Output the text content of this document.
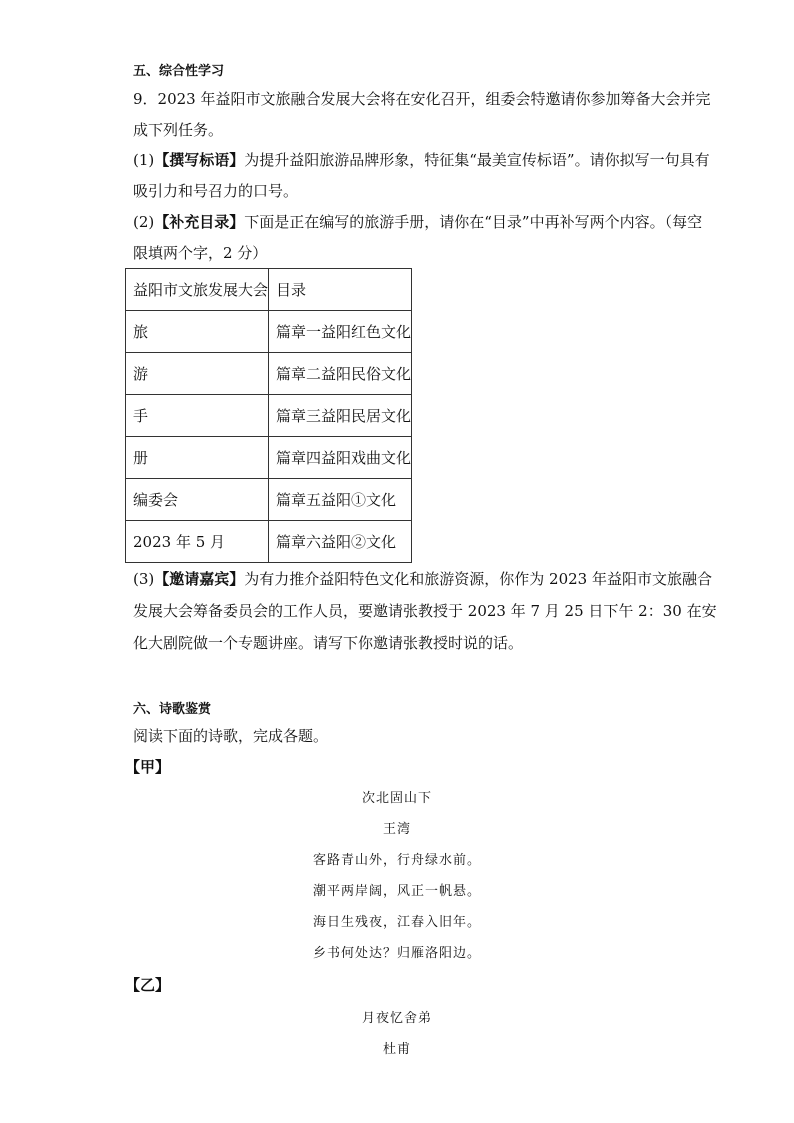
五、综合性学习
9．2023 年益阳市文旅融合发展大会将在安化召开，组委会特邀请你参加筹备大会并完
成下列任务。
(1)【撰写标语】为提升益阳旅游品牌形象，特征集“最美宣传标语”。请你拟写一句具有
吸引力和号召力的口号。
(2)【补充目录】下面是正在编写的旅游手册，请你在“目录”中再补写两个内容。（每空
限填两个字，2 分）
益阳市文旅发展大会	目录
旅	篇章一益阳红色文化
游	篇章二益阳民俗文化
手	篇章三益阳民居文化
册	篇章四益阳戏曲文化
编委会	篇章五益阳①文化
2023 年 5 月	篇章六益阳②文化
(3)【邀请嘉宾】为有力推介益阳特色文化和旅游资源，你作为 2023 年益阳市文旅融合
发展大会筹备委员会的工作人员，要邀请张教授于 2023 年 7 月 25 日下午 2：30 在安
化大剧院做一个专题讲座。请写下你邀请张教授时说的话。
六、诗歌鉴赏
阅读下面的诗歌，完成各题。
【甲】
次北固山下
王湾
客路青山外，行舟绿水前。
潮平两岸阔，风正一帆悬。
海日生残夜，江春入旧年。
乡书何处达？归雁洛阳边。
【乙】
月夜忆舍弟
杜甫
